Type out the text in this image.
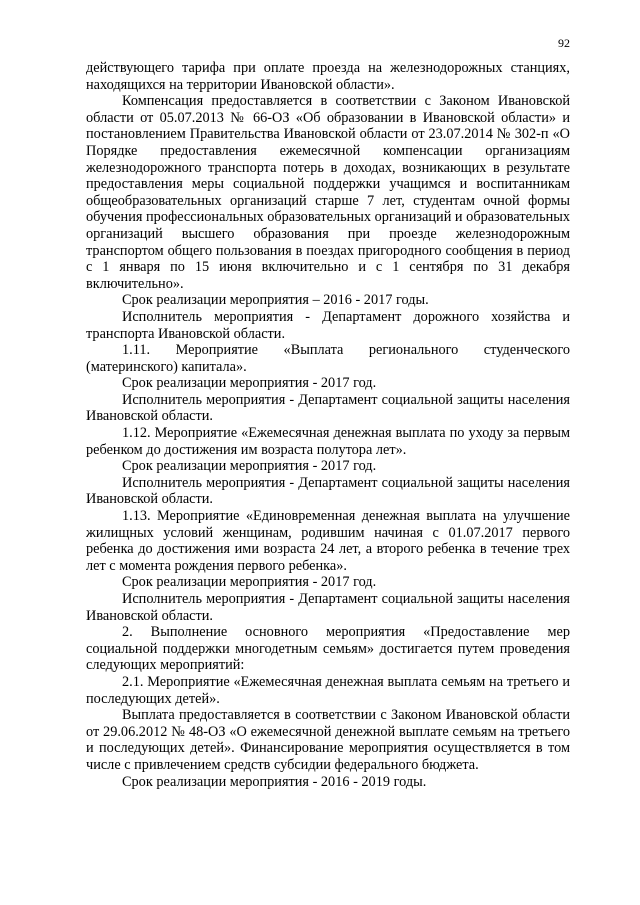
92

действующего тарифа при оплате проезда на железнодорожных станциях, находящихся на территории Ивановской области».

Компенсация предоставляется в соответствии с Законом Ивановской области от 05.07.2013 № 66-ОЗ «Об образовании в Ивановской области» и постановлением Правительства Ивановской области от 23.07.2014 № 302-п «О Порядке предоставления ежемесячной компенсации организациям железнодорожного транспорта потерь в доходах, возникающих в результате предоставления меры социальной поддержки учащимся и воспитанникам общеобразовательных организаций старше 7 лет, студентам очной формы обучения профессиональных образовательных организаций и образовательных организаций высшего образования при проезде железнодорожным транспортом общего пользования в поездах пригородного сообщения в период с 1 января по 15 июня включительно и с 1 сентября по 31 декабря включительно».

Срок реализации мероприятия – 2016 - 2017 годы.

Исполнитель мероприятия - Департамент дорожного хозяйства и транспорта Ивановской области.

1.11. Мероприятие «Выплата регионального студенческого (материнского) капитала».

Срок реализации мероприятия - 2017 год.

Исполнитель мероприятия - Департамент социальной защиты населения Ивановской области.

1.12. Мероприятие «Ежемесячная денежная выплата по уходу за первым ребенком до достижения им возраста полутора лет».

Срок реализации мероприятия - 2017 год.

Исполнитель мероприятия - Департамент социальной защиты населения Ивановской области.

1.13. Мероприятие «Единовременная денежная выплата на улучшение жилищных условий женщинам, родившим начиная с 01.07.2017 первого ребенка до достижения ими возраста 24 лет, а второго ребенка в течение трех лет с момента рождения первого ребенка».

Срок реализации мероприятия - 2017 год.

Исполнитель мероприятия - Департамент социальной защиты населения Ивановской области.

2. Выполнение основного мероприятия «Предоставление мер социальной поддержки многодетным семьям» достигается путем проведения следующих мероприятий:

2.1. Мероприятие «Ежемесячная денежная выплата семьям на третьего и последующих детей».

Выплата предоставляется в соответствии с Законом Ивановской области от 29.06.2012 № 48-ОЗ «О ежемесячной денежной выплате семьям на третьего и последующих детей». Финансирование мероприятия осуществляется в том числе с привлечением средств субсидии федерального бюджета.

Срок реализации мероприятия - 2016 - 2019 годы.
